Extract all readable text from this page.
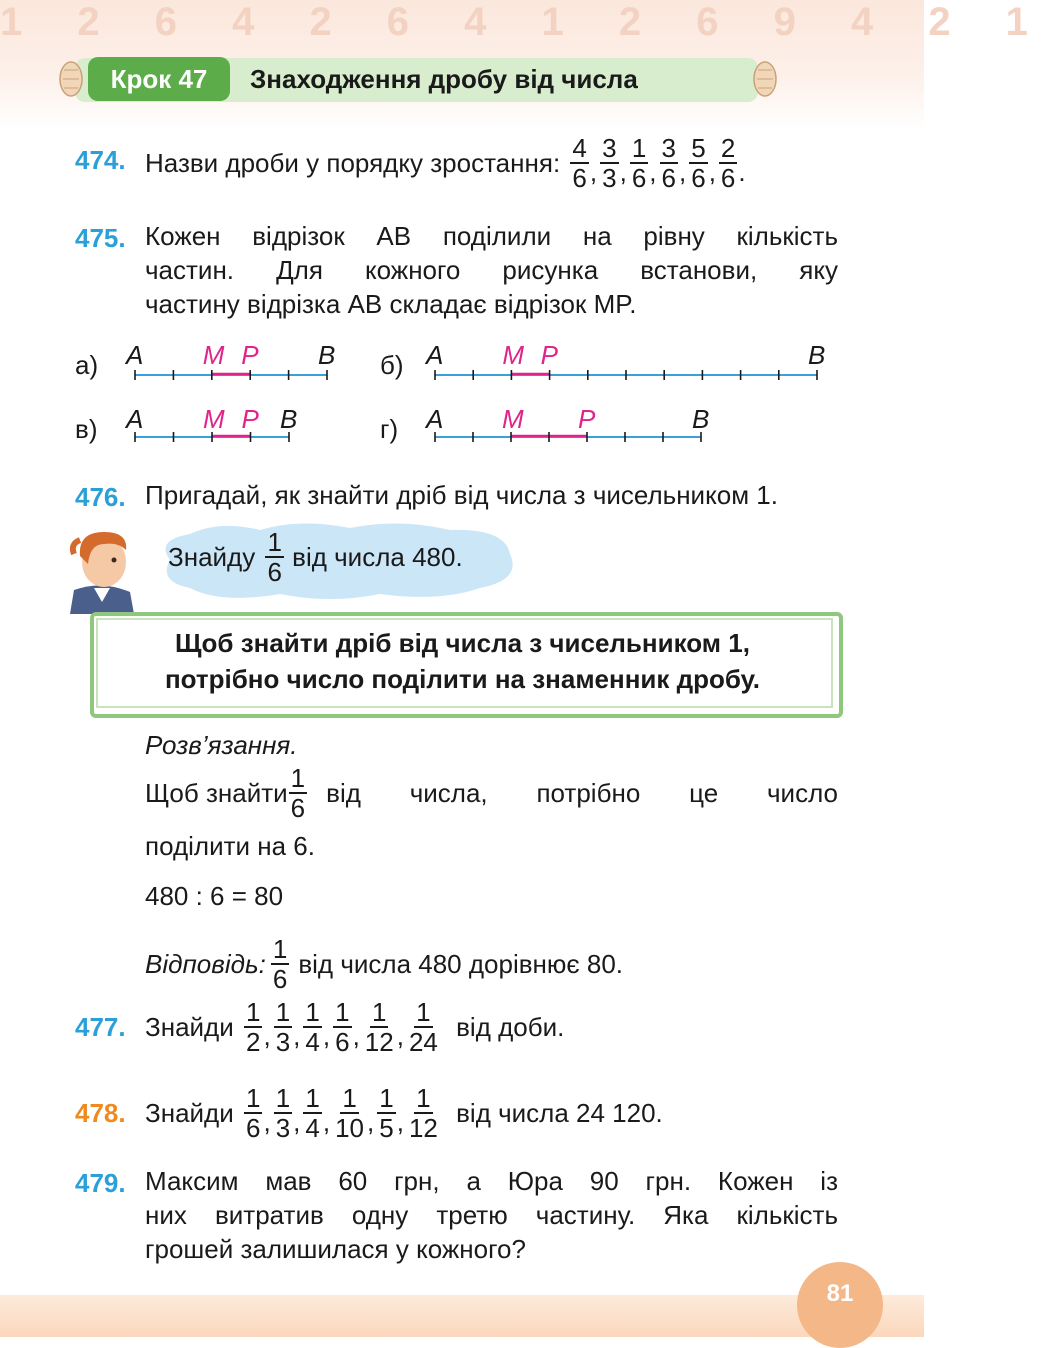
1 2 6 4 2 6 4 1 2 6 9 4 2 1
Крок 47	Знаходження дробу від числа
474. Назви дроби у порядку зростання: $\frac{4}{6}$ , $\frac{3}{3}$ , $\frac{1}{6}$ , $\frac{3}{6}$ , $\frac{5}{6}$ , $\frac{2}{6}$ .
475. Кожен відрізок AB поділили на рівну кількість
частин. Для кожного рисунка встанови, яку
частину відрізка AB складає відрізок MP.
а) A M P B б) A M P	B
в) A M P B	г) A M P	B
476. Пригадай, як знайти дріб від числа з чисельником 1.
Знайду $\frac{1}{6}$ від числа 480.
Щоб знайти дріб від числа з чисельником 1,
потрібно число поділити на знаменник дробу.
Розв’язання.
Щоб знайти $\frac{1}{6}$ від числа, потрібно це число
поділити на 6.
480 : 6 = 80
Відповідь: $\frac{1}{6}$ від числа 480 дорівнює 80.
477. Знайди $\frac{1}{2}$ , $\frac{1}{3}$ , $\frac{1}{4}$ , $\frac{1}{6}$ , $\frac{1}{12}$ , $\frac{1}{24}$ від доби.
478. Знайди $\frac{1}{6}$ , $\frac{1}{3}$ , $\frac{1}{4}$ , $\frac{1}{10}$ , $\frac{1}{5}$ , $\frac{1}{12}$ від числа 24 120.
479. Максим мав 60 грн, а Юра 90 грн. Кожен із
них витратив одну третю частину. Яка кількість
грошей залишилася у кожного?
81
